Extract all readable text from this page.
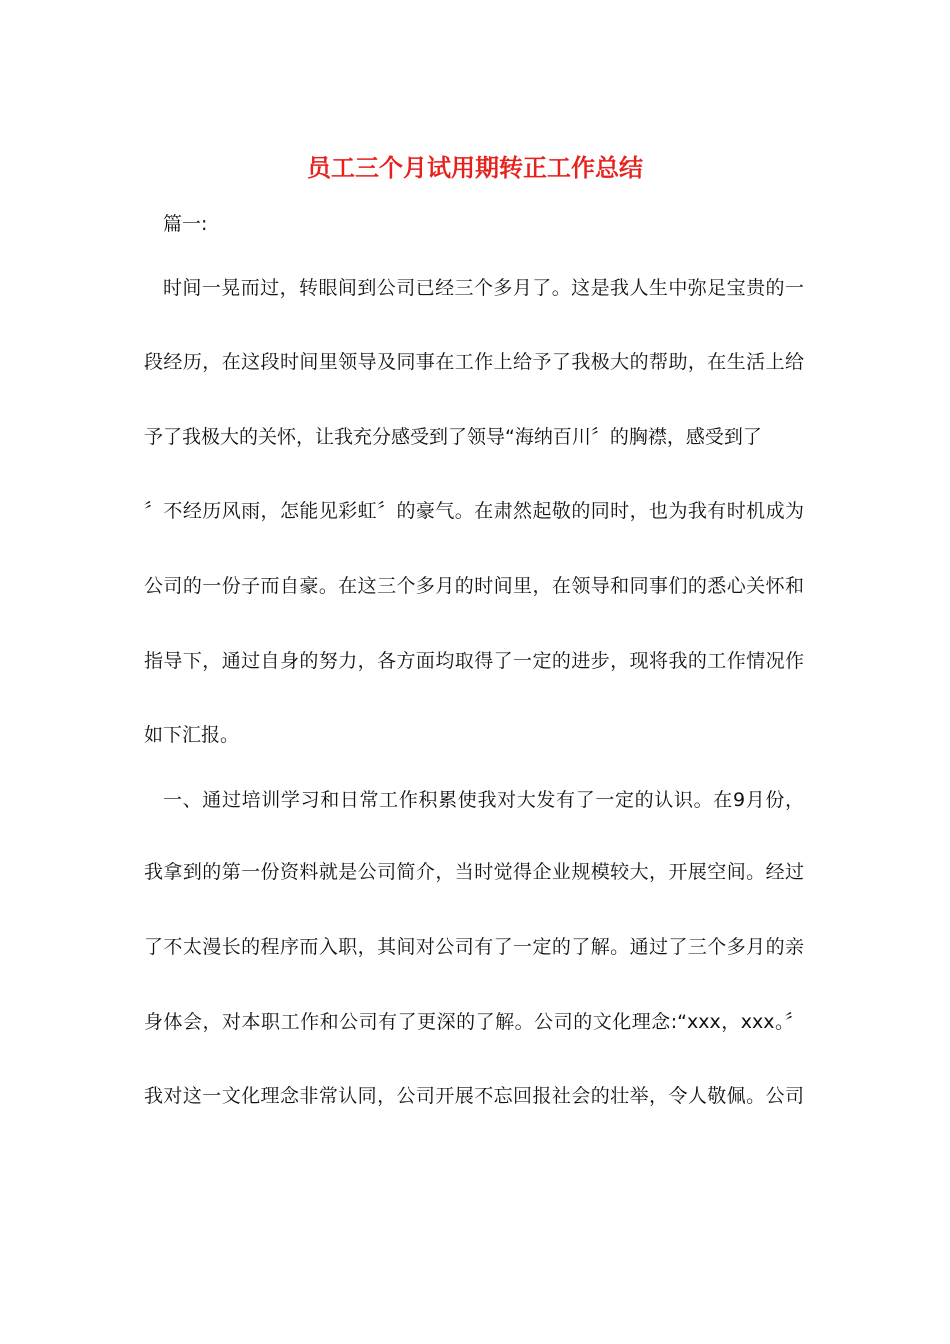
员工三个月试用期转正工作总结
篇一:
时间一晃而过，转眼间到公司已经三个多月了。这是我人生中弥足宝贵的一
段经历，在这段时间里领导及同事在工作上给予了我极大的帮助，在生活上给
予了我极大的关怀，让我充分感受到了领导“海纳百川〞的胸襟，感受到了
〞不经历风雨，怎能见彩虹〞的豪气。在肃然起敬的同时，也为我有时机成为
公司的一份子而自豪。在这三个多月的时间里，在领导和同事们的悉心关怀和
指导下，通过自身的努力，各方面均取得了一定的进步，现将我的工作情况作
如下汇报。
一、通过培训学习和日常工作积累使我对大发有了一定的认识。在9月份，
我拿到的第一份资料就是公司简介，当时觉得企业规模较大，开展空间。经过
了不太漫长的程序而入职，其间对公司有了一定的了解。通过了三个多月的亲
身体会，对本职工作和公司有了更深的了解。公司的文化理念:“xxx，xxx。〞
我对这一文化理念非常认同，公司开展不忘回报社会的壮举，令人敬佩。公司
